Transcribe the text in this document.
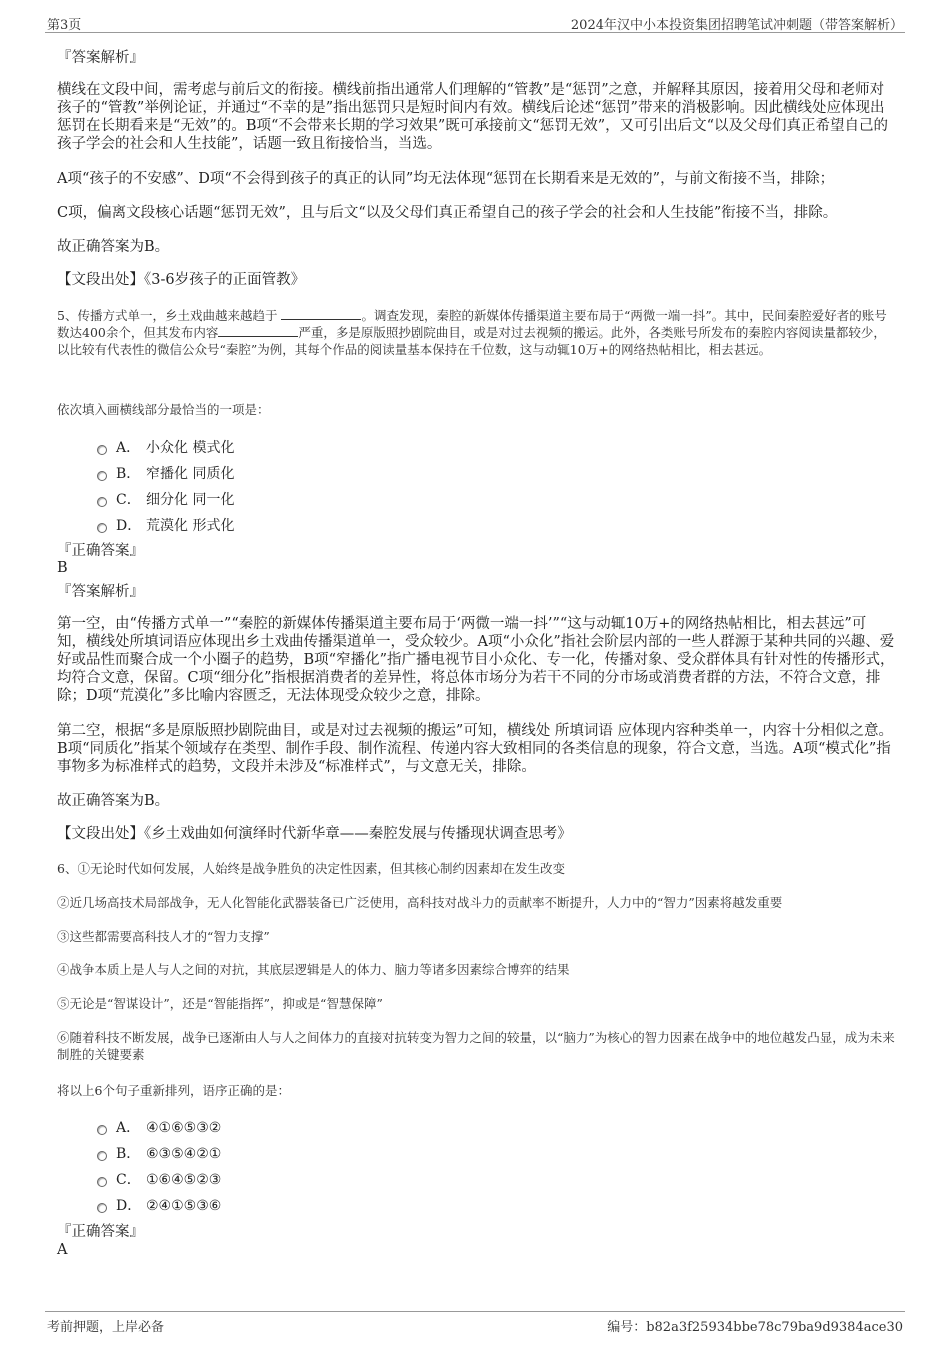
第3页	2024年汉中小本投资集团招聘笔试冲刺题（带答案解析）
『答案解析』
横线在文段中间，需考虑与前后文的衔接。横线前指出通常人们理解的“管教”是“惩罚”之意，并解释其原因，接着用父母和老师对孩子的“管教”举例论证，并通过“不幸的是”指出惩罚只是短时间内有效。横线后论述“惩罚”带来的消极影响。因此横线处应体现出惩罚在长期看来是“无效”的。B项“不会带来长期的学习效果”既可承接前文“惩罚无效”，又可引出后文“以及父母们真正希望自己的孩子学会的社会和人生技能”，话题一致且衔接恰当，当选。
A项“孩子的不安感”、D项“不会得到孩子的真正的认同”均无法体现“惩罚在长期看来是无效的”，与前文衔接不当，排除；
C项，偏离文段核心话题“惩罚无效”，且与后文“以及父母们真正希望自己的孩子学会的社会和人生技能”衔接不当，排除。
故正确答案为B。
【文段出处】《3-6岁孩子的正面管教》
5、传播方式单一，乡土戏曲越来越趋于	。调查发现，秦腔的新媒体传播渠道主要布局于“两微一端一抖”。其中，民间秦腔爱好者的账号数达400余个，但其发布内容	严重，多是原版照抄剧院曲目，或是对过去视频的搬运。此外，各类账号所发布的秦腔内容阅读量都较少，以比较有代表性的微信公众号“秦腔”为例，其每个作品的阅读量基本保持在千位数，这与动辄10万+的网络热帖相比，相去甚远。
依次填入画横线部分最恰当的一项是：
A． 小众化 模式化
B． 窄播化 同质化
C． 细分化 同一化
D． 荒漠化 形式化
『正确答案』
B
『答案解析』
第一空，由“传播方式单一”“秦腔的新媒体传播渠道主要布局于‘两微一端一抖’”“这与动辄10万+的网络热帖相比，相去甚远”可知，横线处所填词语应体现出乡土戏曲传播渠道单一，受众较少。A项“小众化”指社会阶层内部的一些人群源于某种共同的兴趣、爱好或品性而聚合成一个小圈子的趋势，B项“窄播化”指广播电视节目小众化、专一化，传播对象、受众群体具有针对性的传播形式，均符合文意，保留。C项“细分化”指根据消费者的差异性，将总体市场分为若干不同的分市场或消费者群的方法，不符合文意，排除；D项“荒漠化”多比喻内容匮乏，无法体现受众较少之意，排除。
第二空，根据“多是原版照抄剧院曲目，或是对过去视频的搬运”可知，横线处 所填词语 应体现内容种类单一，内容十分相似之意。B项“同质化”指某个领域存在类型、制作手段、制作流程、传递内容大致相同的各类信息的现象，符合文意，当选。A项“模式化”指事物多为标准样式的趋势，文段并未涉及“标准样式”，与文意无关，排除。
故正确答案为B。
【文段出处】《乡土戏曲如何演绎时代新华章——秦腔发展与传播现状调查思考》
6、①无论时代如何发展，人始终是战争胜负的决定性因素，但其核心制约因素却在发生改变
②近几场高技术局部战争，无人化智能化武器装备已广泛使用，高科技对战斗力的贡献率不断提升，人力中的“智力”因素将越发重要
③这些都需要高科技人才的“智力支撑”
④战争本质上是人与人之间的对抗，其底层逻辑是人的体力、脑力等诸多因素综合博弈的结果
⑤无论是“智谋设计”，还是“智能指挥”，抑或是“智慧保障”
⑥随着科技不断发展，战争已逐渐由人与人之间体力的直接对抗转变为智力之间的较量，以“脑力”为核心的智力因素在战争中的地位越发凸显，成为未来制胜的关键要素
将以上6个句子重新排列，语序正确的是：
A． ④①⑥⑤③②
B． ⑥③⑤④②①
C． ①⑥④⑤②③
D． ②④①⑤③⑥
『正确答案』
A
考前押题，上岸必备	编号：b82a3f25934bbe78c79ba9d9384ace30
